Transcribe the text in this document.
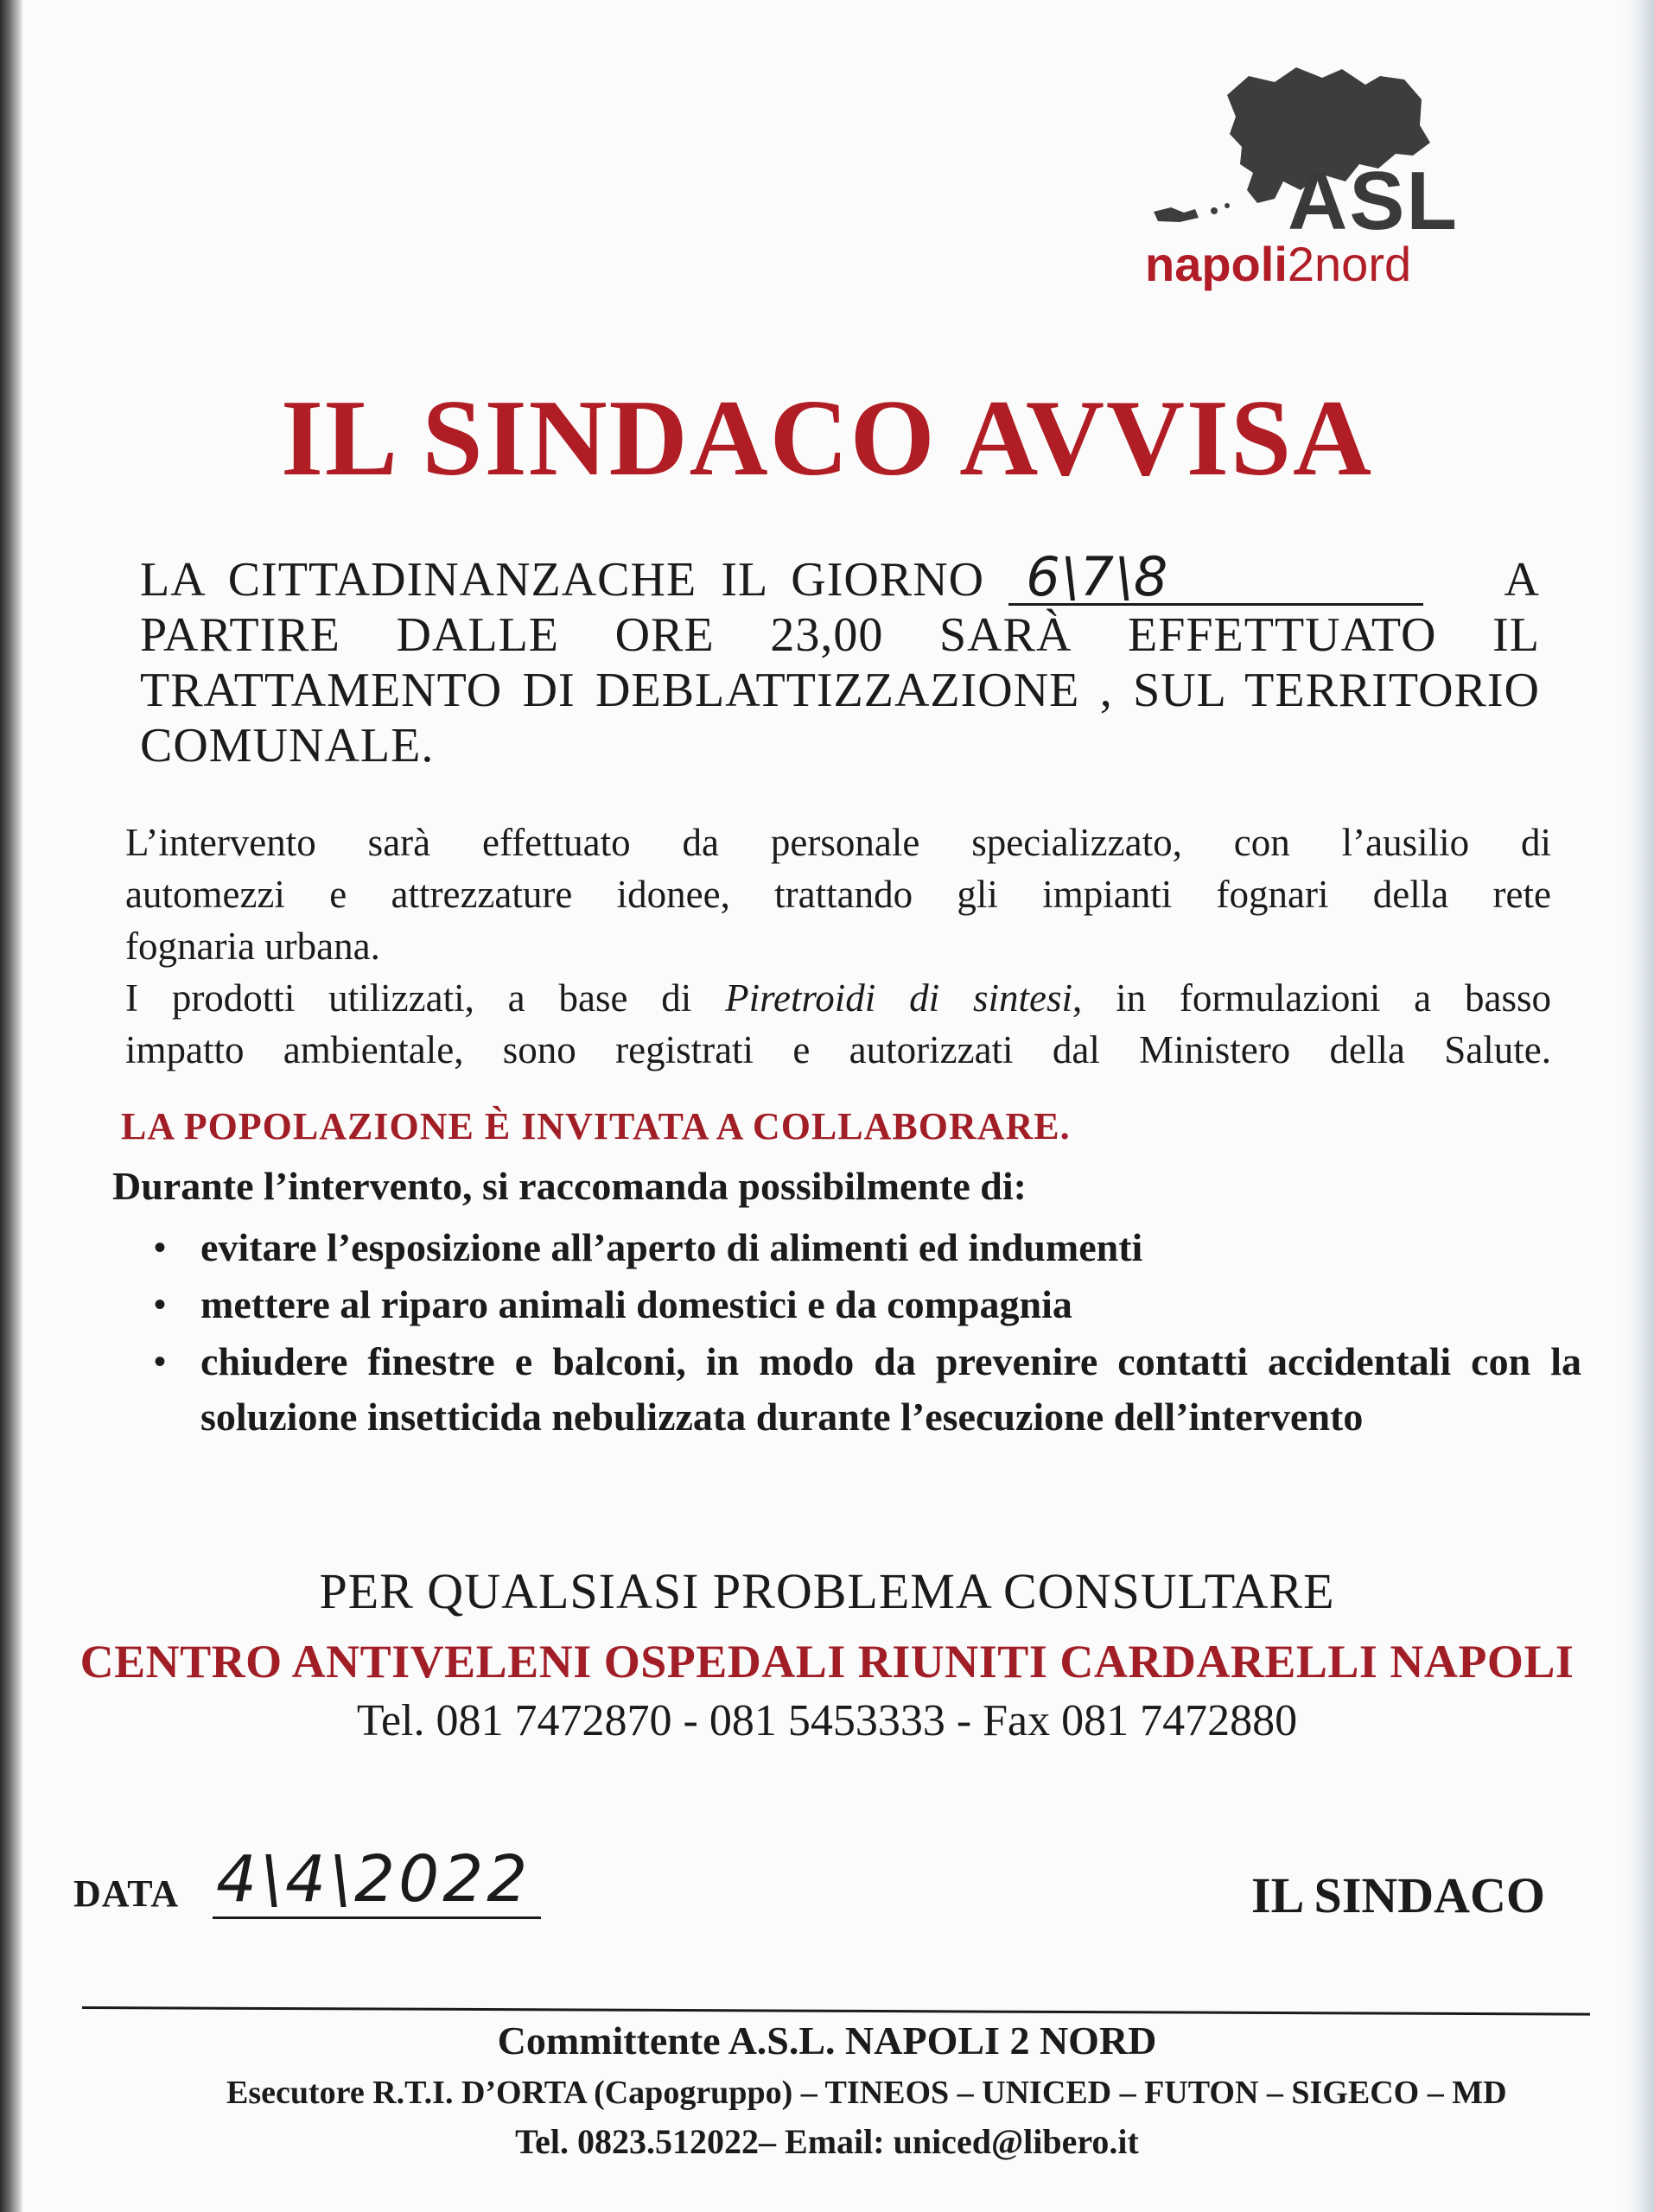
ASL
napoli2nord
IL SINDACO AVVISA
LA CITTADINANZACHE IL GIORNO 6\7\8	A PARTIRE DALLE ORE 23,00 SARÀ EFFETTUATO IL TRATTAMENTO DI DEBLATTIZZAZIONE , SUL TERRITORIO COMUNALE.
L’intervento sarà effettuato da personale specializzato, con l’ausilio di
automezzi e attrezzature idonee, trattando gli impianti fognari della rete
fognaria urbana.
I prodotti utilizzati, a base di Piretroidi di sintesi, in formulazioni a basso
impatto ambientale, sono registrati e autorizzati dal Ministero della Salute.
LA POPOLAZIONE È INVITATA A COLLABORARE.
Durante l’intervento, si raccomanda possibilmente di:
• evitare l’esposizione all’aperto di alimenti ed indumenti
• mettere al riparo animali domestici e da compagnia
• chiudere finestre e balconi, in modo da prevenire contatti accidentali con la soluzione insetticida nebulizzata durante l’esecuzione dell’intervento
PER QUALSIASI PROBLEMA CONSULTARE
CENTRO ANTIVELENI OSPEDALI RIUNITI CARDARELLI NAPOLI
Tel. 081 7472870 - 081 5453333 - Fax 081 7472880
DATA 4\4\2022	IL SINDACO
Committente A.S.L. NAPOLI 2 NORD
Esecutore R.T.I. D’ORTA (Capogruppo) – TINEOS – UNICED – FUTON – SIGECO – MD
Tel. 0823.512022– Email: uniced@libero.it
